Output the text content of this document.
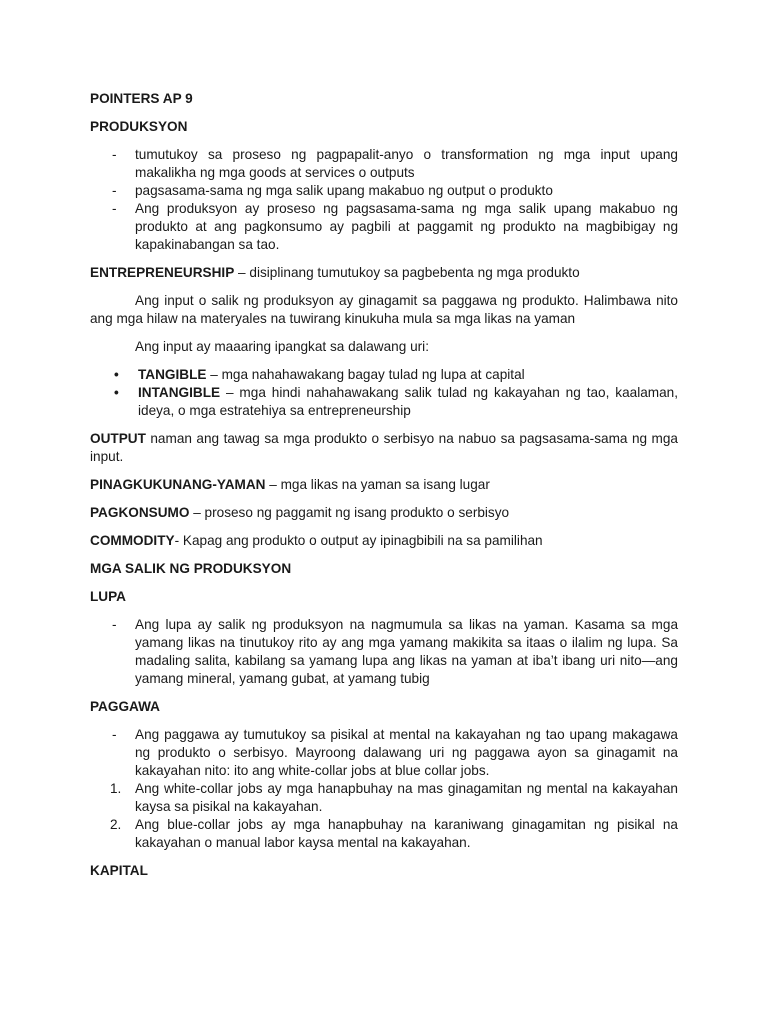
POINTERS AP 9
PRODUKSYON
- tumutukoy sa proseso ng pagpapalit-anyo o transformation ng mga input upang makalikha ng mga goods at services o outputs
- pagsasama-sama ng mga salik upang makabuo ng output o produkto
- Ang produksyon ay proseso ng pagsasama-sama ng mga salik upang makabuo ng produkto at ang pagkonsumo ay pagbili at paggamit ng produkto na magbibigay ng kapakinabangan sa tao.
ENTREPRENEURSHIP – disiplinang tumutukoy sa pagbebenta ng mga produkto
Ang input o salik ng produksyon ay ginagamit sa paggawa ng produkto. Halimbawa nito ang mga hilaw na materyales na tuwirang kinukuha mula sa mga likas na yaman
Ang input ay maaaring ipangkat sa dalawang uri:
• TANGIBLE – mga nahahawakang bagay tulad ng lupa at capital
• INTANGIBLE – mga hindi nahahawakang salik tulad ng kakayahan ng tao, kaalaman, ideya, o mga estratehiya sa entrepreneurship
OUTPUT naman ang tawag sa mga produkto o serbisyo na nabuo sa pagsasama-sama ng mga input.
PINAGKUKUNANG-YAMAN – mga likas na yaman sa isang lugar
PAGKONSUMO – proseso ng paggamit ng isang produkto o serbisyo
COMMODITY- Kapag ang produkto o output ay ipinagbibili na sa pamilihan
MGA SALIK NG PRODUKSYON
LUPA
- Ang lupa ay salik ng produksyon na nagmumula sa likas na yaman. Kasama sa mga yamang likas na tinutukoy rito ay ang mga yamang makikita sa itaas o ilalim ng lupa. Sa madaling salita, kabilang sa yamang lupa ang likas na yaman at iba’t ibang uri nito—ang yamang mineral, yamang gubat, at yamang tubig
PAGGAWA
- Ang paggawa ay tumutukoy sa pisikal at mental na kakayahan ng tao upang makagawa ng produkto o serbisyo. Mayroong dalawang uri ng paggawa ayon sa ginagamit na kakayahan nito: ito ang white-collar jobs at blue collar jobs.
1. Ang white-collar jobs ay mga hanapbuhay na mas ginagamitan ng mental na kakayahan kaysa sa pisikal na kakayahan.
2. Ang blue-collar jobs ay mga hanapbuhay na karaniwang ginagamitan ng pisikal na kakayahan o manual labor kaysa mental na kakayahan.
KAPITAL
